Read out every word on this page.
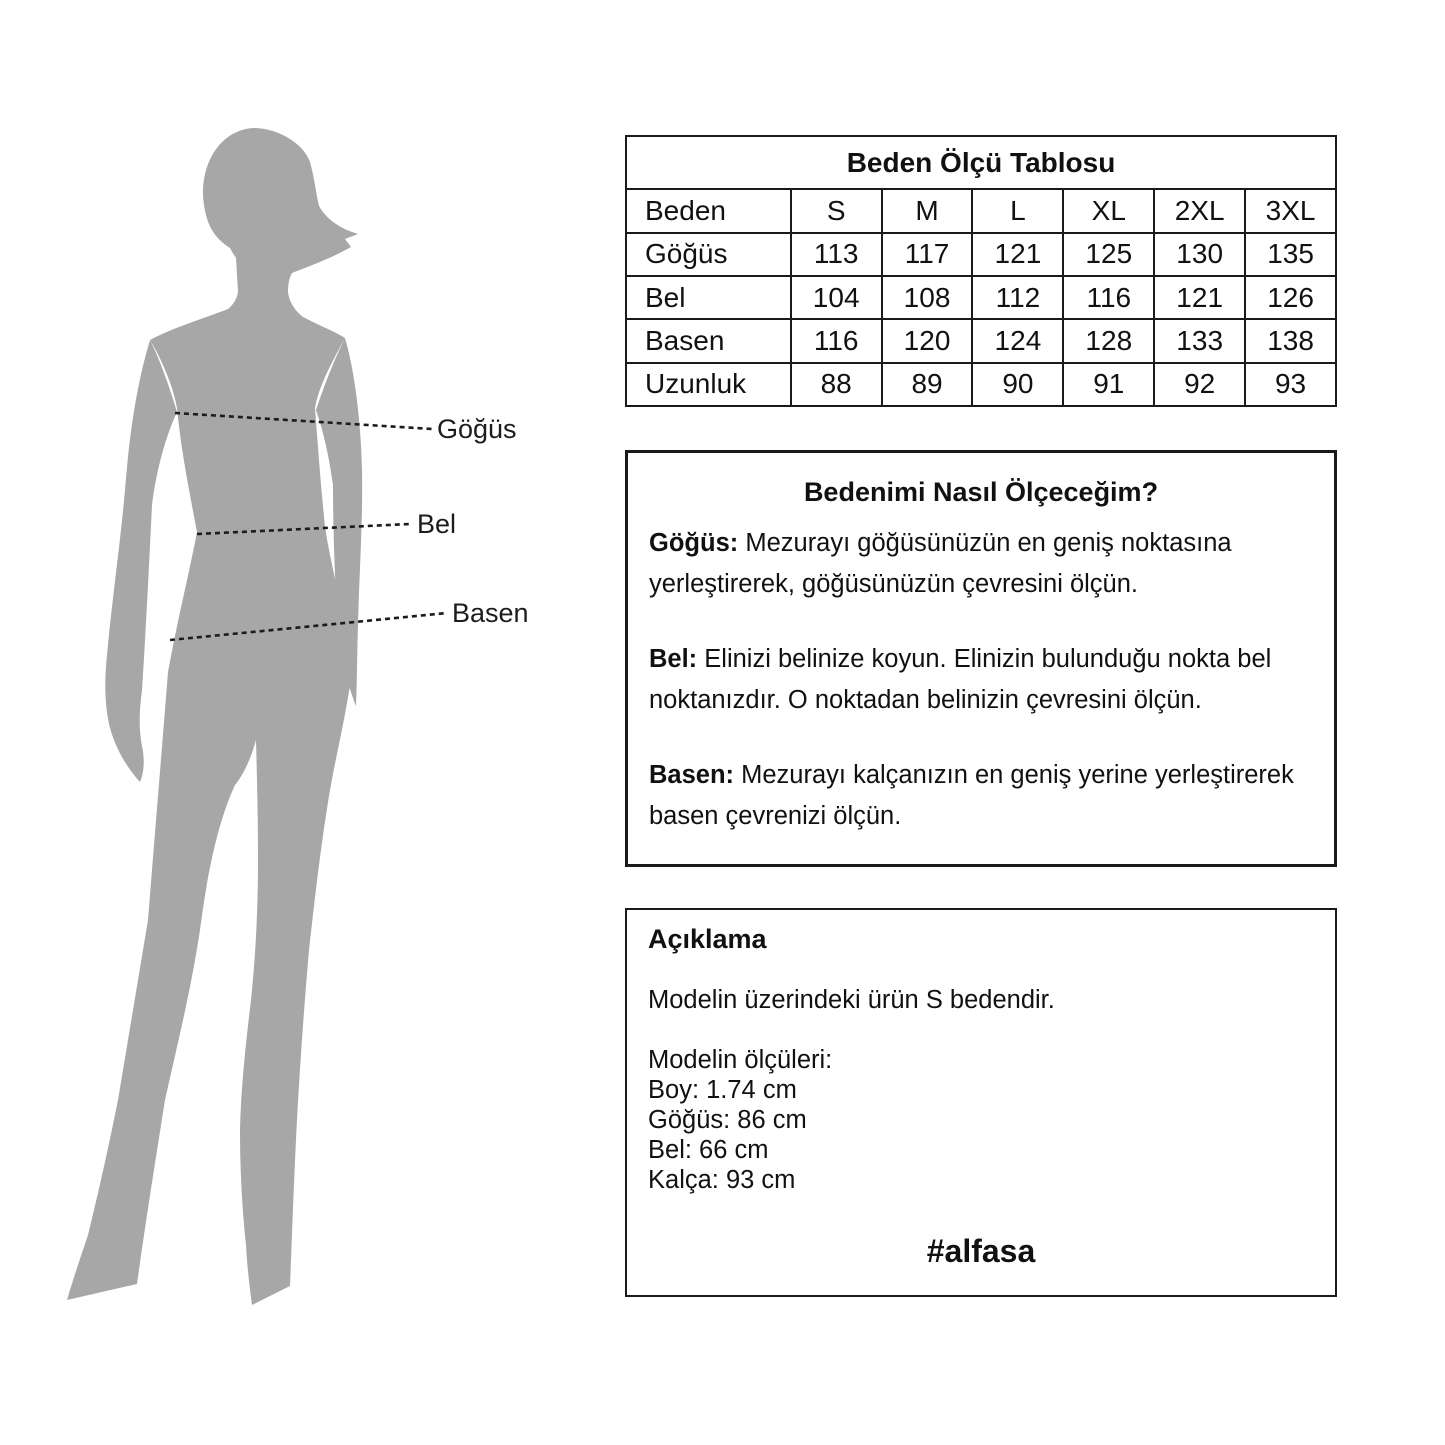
Göğüs
Bel
Basen
Beden Ölçü Tablosu						
Beden	S	M	L	XL	2XL	3XL
Göğüs	113	117	121	125	130	135
Bel	104	108	112	116	121	126
Basen	116	120	124	128	133	138
Uzunluk	88	89	90	91	92	93
Bedenimi Nasıl Ölçeceğim?

Göğüs: Mezurayı göğüsünüzün en geniş noktasına yerleştirerek, göğüsünüzün çevresini ölçün.

Bel: Elinizi belinize koyun. Elinizin bulunduğu nokta bel noktanızdır. O noktadan belinizin çevresini ölçün.

Basen: Mezurayı kalçanızın en geniş yerine yerleştirerek basen çevrenizi ölçün.

Açıklama
Modelin üzerindeki ürün S bedendir.
Modelin ölçüleri:
Boy: 1.74 cm
Göğüs: 86 cm
Bel: 66 cm
Kalça: 93 cm
#alfasa
